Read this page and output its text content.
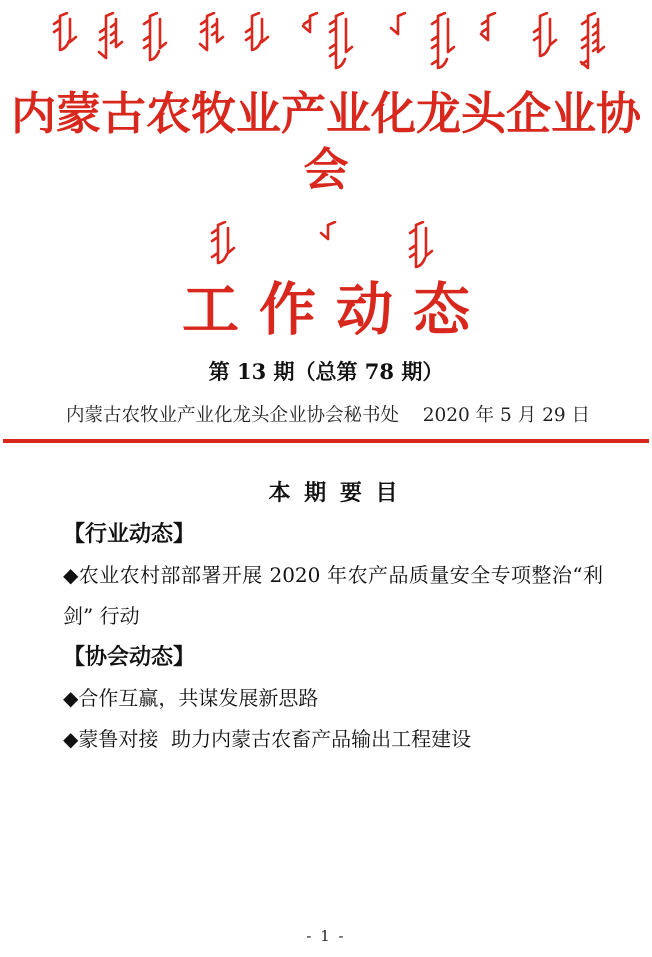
内蒙古农牧业产业化龙头企业协会
工作动态
第 13 期（总第 78 期）
内蒙古农牧业产业化龙头企业协会秘书处 2020 年 5 月 29 日
本 期 要 目
【行业动态】

◆农业农村部部署开展 2020 年农产品质量安全专项整治“利剑” 行动

【协会动态】

◆合作互赢，共谋发展新思路

◆蒙鲁对接  助力内蒙古农畜产品输出工程建设

- 1 -
